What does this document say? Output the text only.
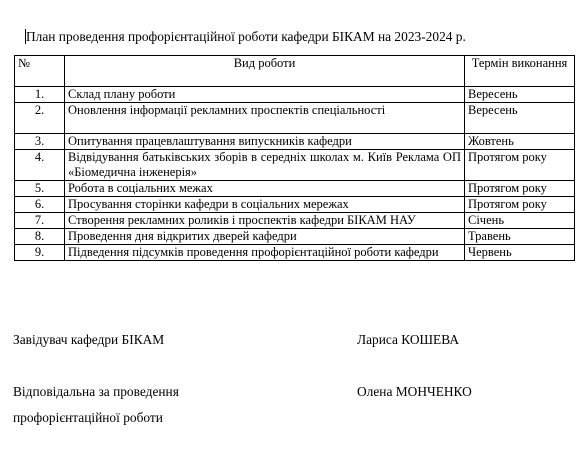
План проведення профорієнтаційної роботи кафедри БІКАМ на 2023-2024 р.
№	Вид роботи	Термін виконання
1.	Склад плану роботи	Вересень
2.	Оновлення інформації рекламних проспектів спеціальності	Вересень
3.	Опитування працевлаштування випускників кафедри	Жовтень
4.	Відвідування батьківських зборів в середніх школах м. Київ Реклама ОП «Біомедична інженерія»	Протягом року
5.	Робота в соціальних межах	Протягом року
6.	Просування сторінки кафедри в соціальних мережах	Протягом року
7.	Створення рекламних роликів і проспектів кафедри БІКАМ НАУ	Січень
8.	Проведення дня відкритих дверей кафедри	Травень
9.	Підведення підсумків проведення профорієнтаційної роботи кафедри	Червень
Завідувач кафедри БІКАМ	Лариса КОШЕВА
Відповідальна за проведення	Олена МОНЧЕНКО
профорієнтаційної роботи
